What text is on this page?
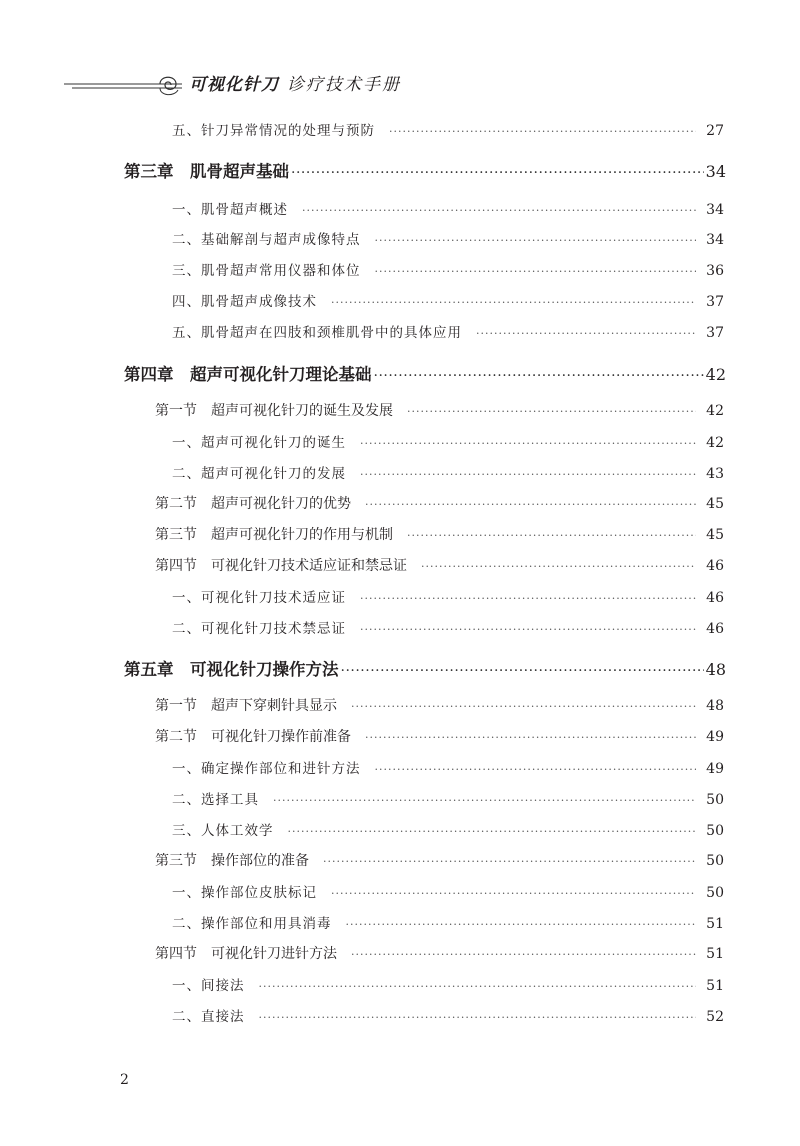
可视化针刀 诊疗技术手册
五、针刀异常情况的处理与预防 ·····	27
第三章　肌骨超声基础 ·····	34
一、肌骨超声概述 ·····	34
二、基础解剖与超声成像特点 ·····	34
三、肌骨超声常用仪器和体位 ·····	36
四、肌骨超声成像技术 ·····	37
五、肌骨超声在四肢和颈椎肌骨中的具体应用 ·····	37
第四章　超声可视化针刀理论基础 ·····	42
第一节　超声可视化针刀的诞生及发展 ·····	42
一、超声可视化针刀的诞生 ·····	42
二、超声可视化针刀的发展 ·····	43
第二节　超声可视化针刀的优势 ·····	45
第三节　超声可视化针刀的作用与机制 ·····	45
第四节　可视化针刀技术适应证和禁忌证 ·····	46
一、可视化针刀技术适应证 ·····	46
二、可视化针刀技术禁忌证 ·····	46
第五章　可视化针刀操作方法 ·····	48
第一节　超声下穿刺针具显示 ·····	48
第二节　可视化针刀操作前准备 ·····	49
一、确定操作部位和进针方法 ·····	49
二、选择工具 ·····	50
三、人体工效学 ·····	50
第三节　操作部位的准备 ·····	50
一、操作部位皮肤标记 ·····	50
二、操作部位和用具消毒 ·····	51
第四节　可视化针刀进针方法 ·····	51
一、间接法 ·····	51
二、直接法 ·····	52
2
